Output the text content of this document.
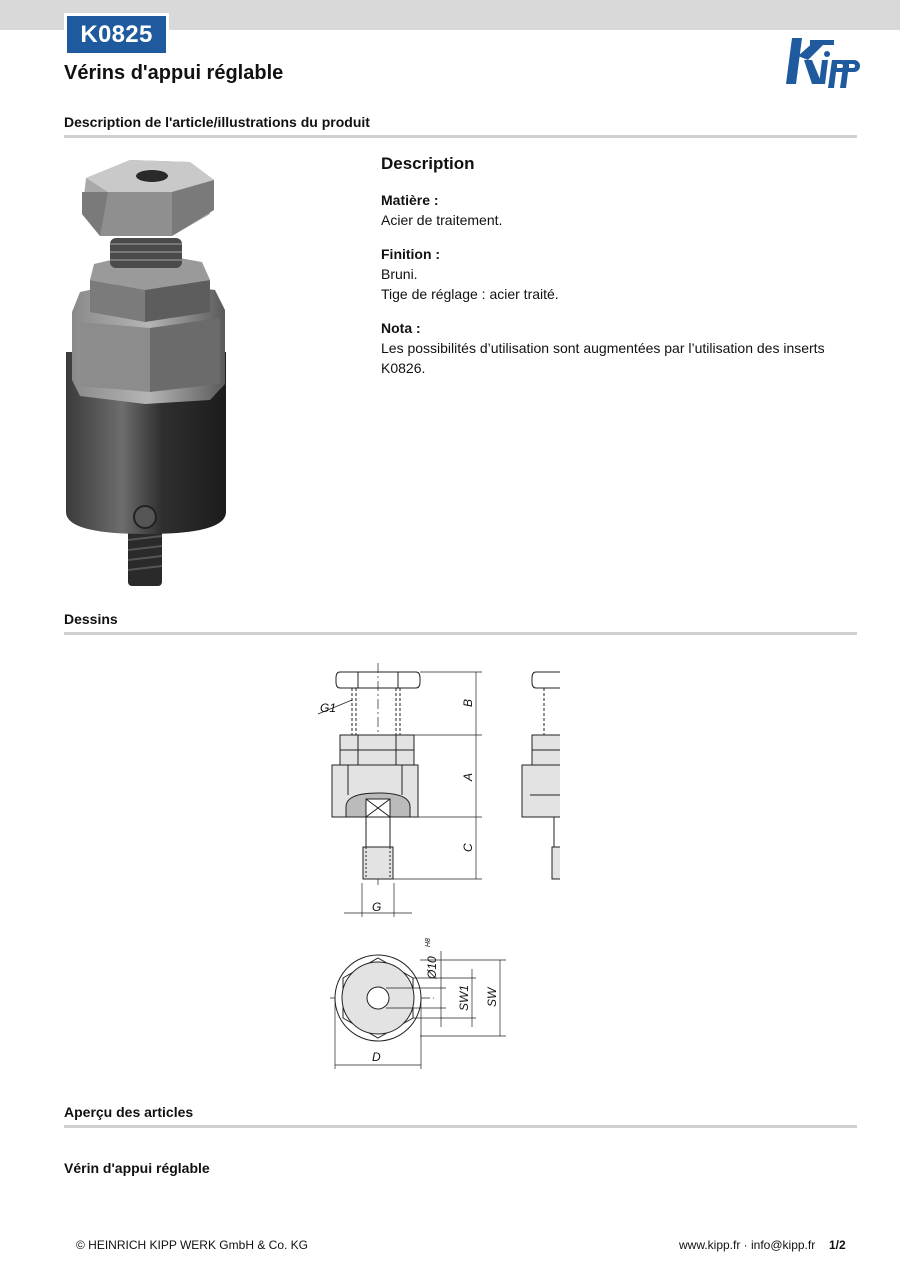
K0825
Vérins d'appui réglable
Description de l'article/illustrations du produit
Description
Matière :
Acier de traitement.
Finition :
Bruni.
Tige de réglage : acier traité.
Nota :
Les possibilités d’utilisation sont augmentées par l’utilisation des inserts K0826.
Dessins
G1	B
A
C
G
Ø10
H8
SW1 SW
D
Aperçu des articles
Vérin d'appui réglable
© HEINRICH KIPP WERK GmbH & Co. KG	www.kipp.fr · info@kipp.fr 1/2
